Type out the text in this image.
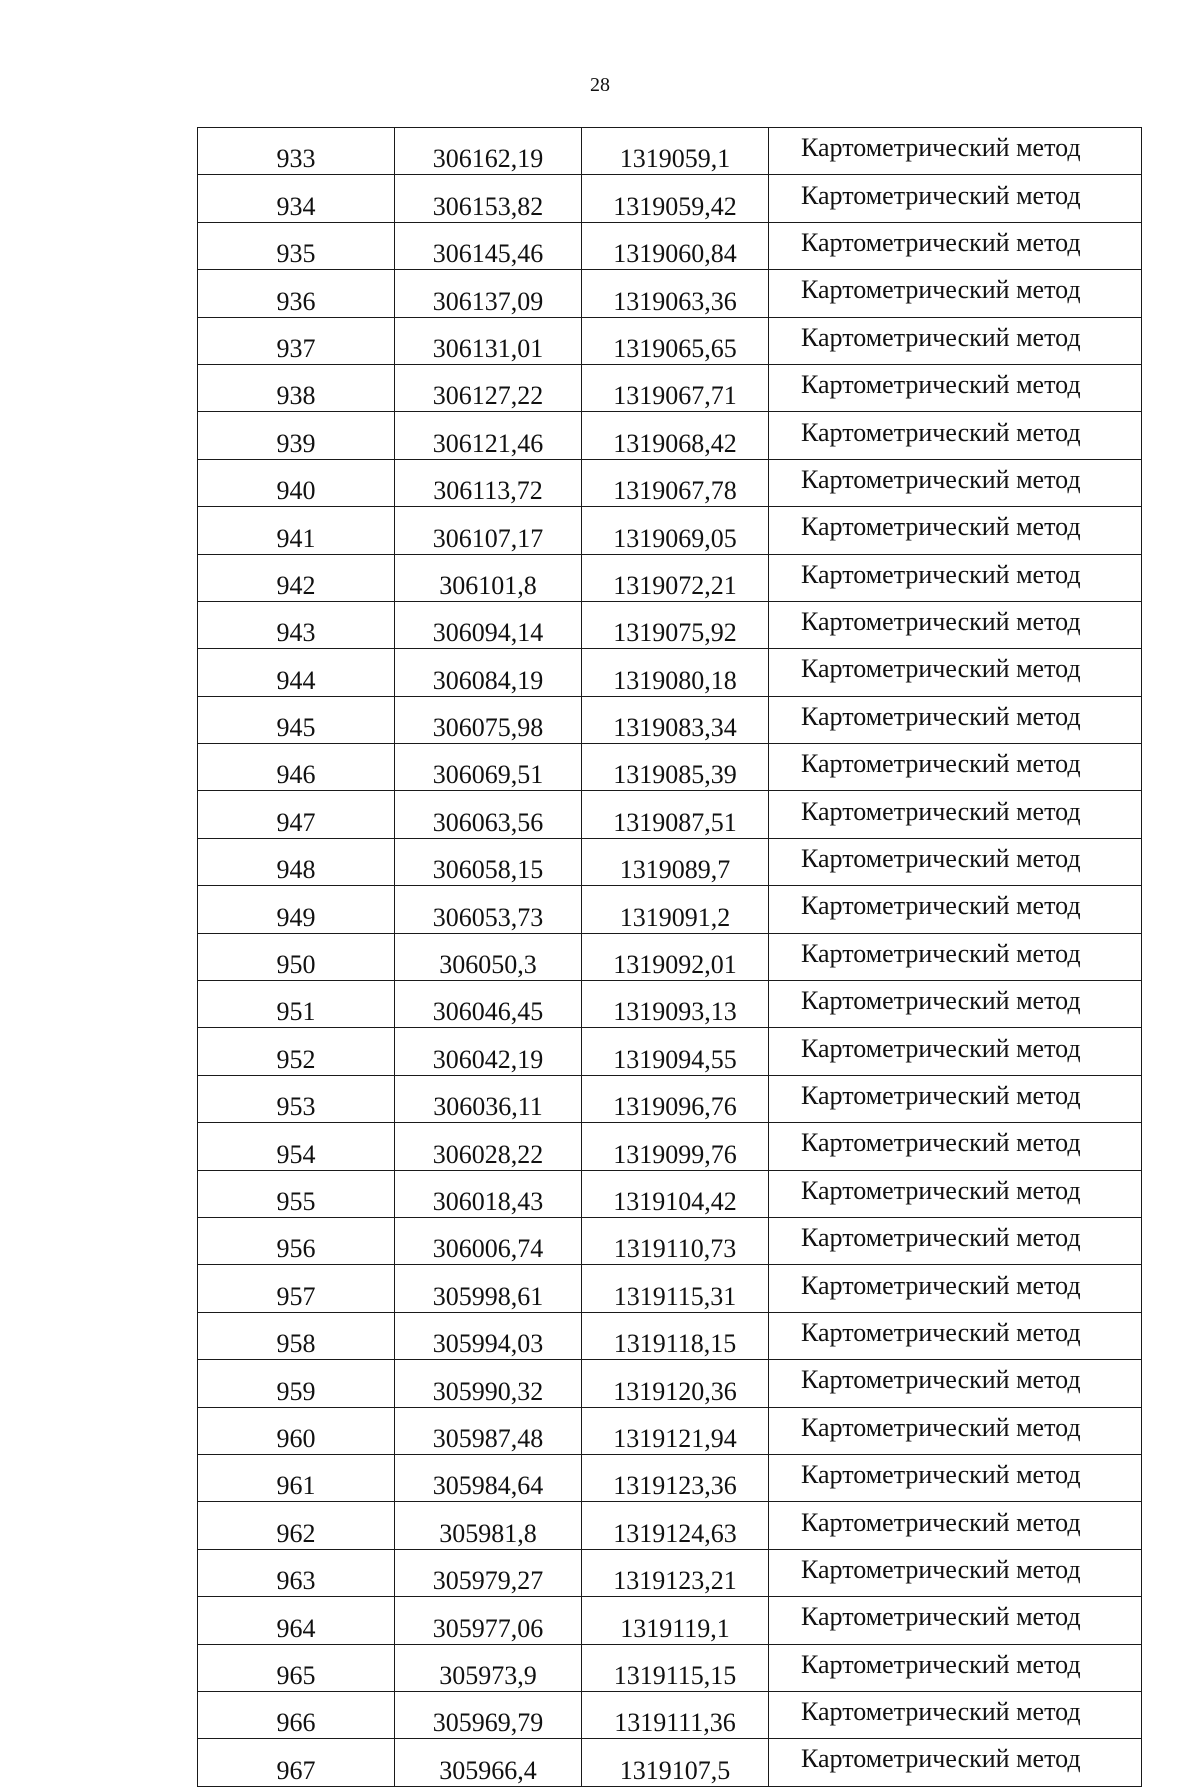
28
933	306162,19	1319059,1	Картометрический метод
934	306153,82	1319059,42	Картометрический метод
935	306145,46	1319060,84	Картометрический метод
936	306137,09	1319063,36	Картометрический метод
937	306131,01	1319065,65	Картометрический метод
938	306127,22	1319067,71	Картометрический метод
939	306121,46	1319068,42	Картометрический метод
940	306113,72	1319067,78	Картометрический метод
941	306107,17	1319069,05	Картометрический метод
942	306101,8	1319072,21	Картометрический метод
943	306094,14	1319075,92	Картометрический метод
944	306084,19	1319080,18	Картометрический метод
945	306075,98	1319083,34	Картометрический метод
946	306069,51	1319085,39	Картометрический метод
947	306063,56	1319087,51	Картометрический метод
948	306058,15	1319089,7	Картометрический метод
949	306053,73	1319091,2	Картометрический метод
950	306050,3	1319092,01	Картометрический метод
951	306046,45	1319093,13	Картометрический метод
952	306042,19	1319094,55	Картометрический метод
953	306036,11	1319096,76	Картометрический метод
954	306028,22	1319099,76	Картометрический метод
955	306018,43	1319104,42	Картометрический метод
956	306006,74	1319110,73	Картометрический метод
957	305998,61	1319115,31	Картометрический метод
958	305994,03	1319118,15	Картометрический метод
959	305990,32	1319120,36	Картометрический метод
960	305987,48	1319121,94	Картометрический метод
961	305984,64	1319123,36	Картометрический метод
962	305981,8	1319124,63	Картометрический метод
963	305979,27	1319123,21	Картометрический метод
964	305977,06	1319119,1	Картометрический метод
965	305973,9	1319115,15	Картометрический метод
966	305969,79	1319111,36	Картометрический метод
967	305966,4	1319107,5	Картометрический метод
